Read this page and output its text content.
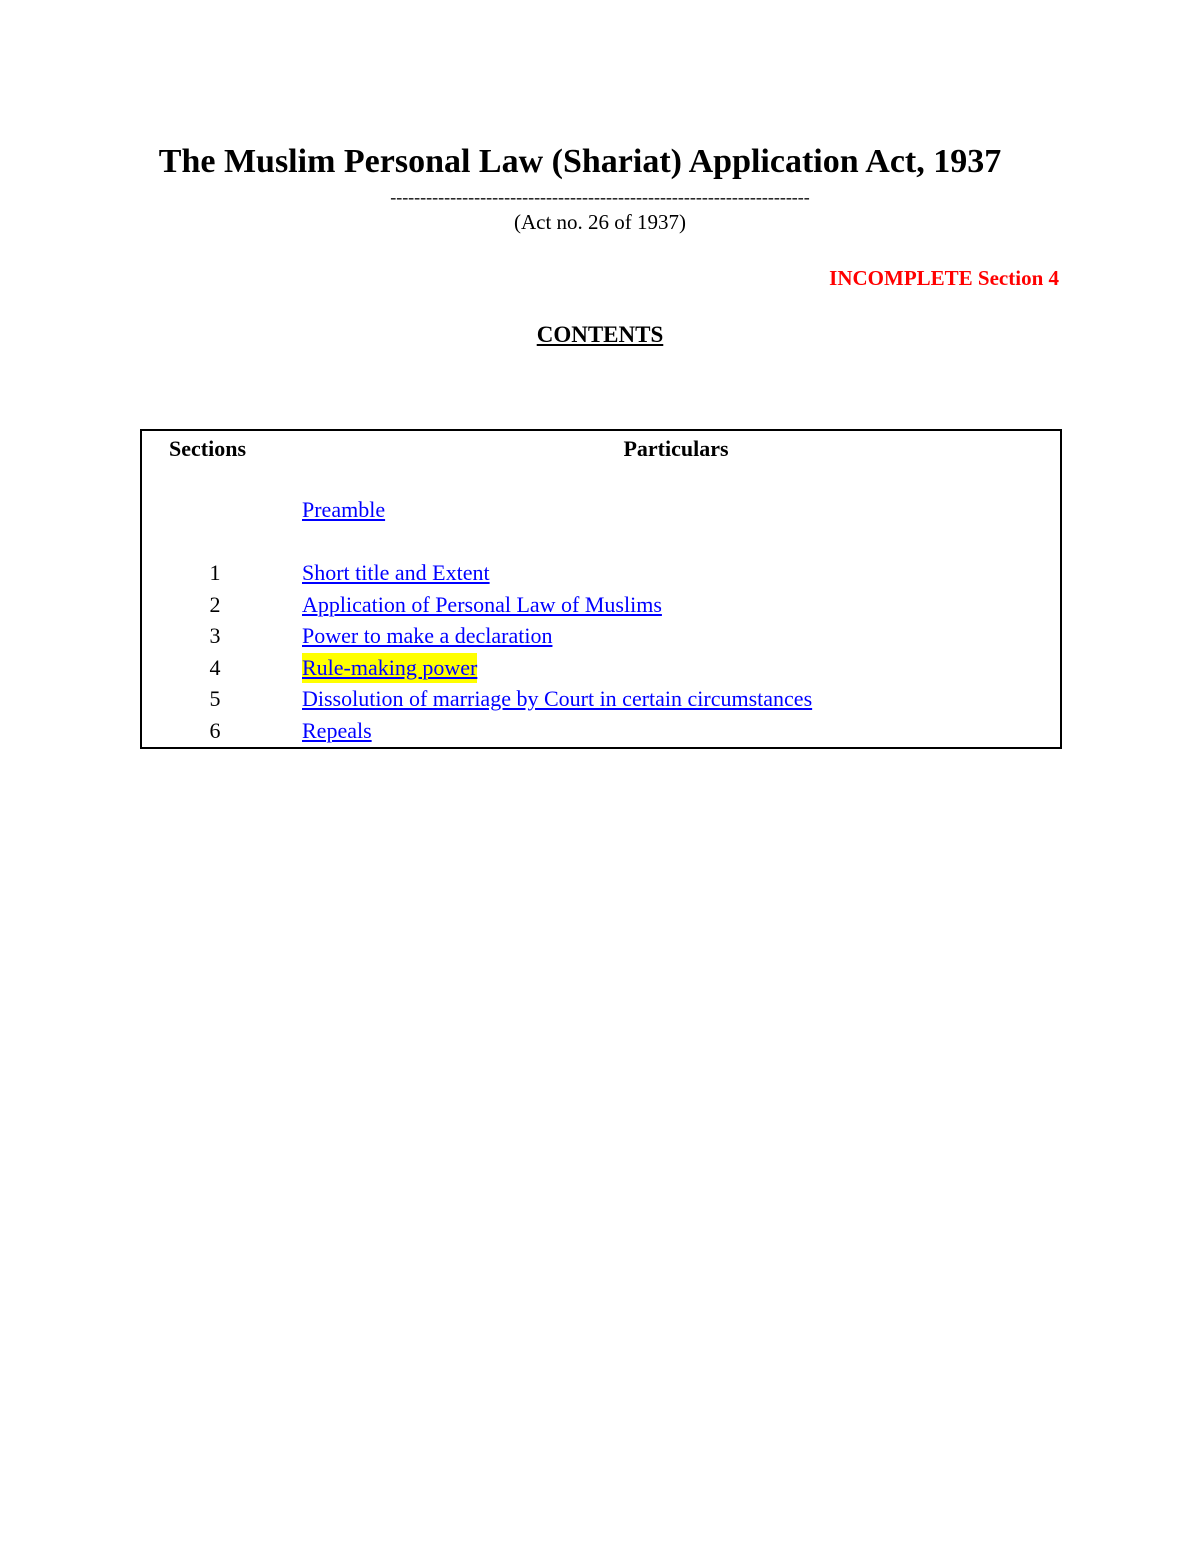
The Muslim Personal Law (Shariat) Application Act, 1937
----------------------------------------------------------------------
(Act no. 26 of 1937)
INCOMPLETE Section 4
CONTENTS
Sections	Particulars
Preamble
1	Short title and Extent
2	Application of Personal Law of Muslims
3	Power to make a declaration
4	Rule-making power
5	Dissolution of marriage by Court in certain circumstances
6	Repeals
